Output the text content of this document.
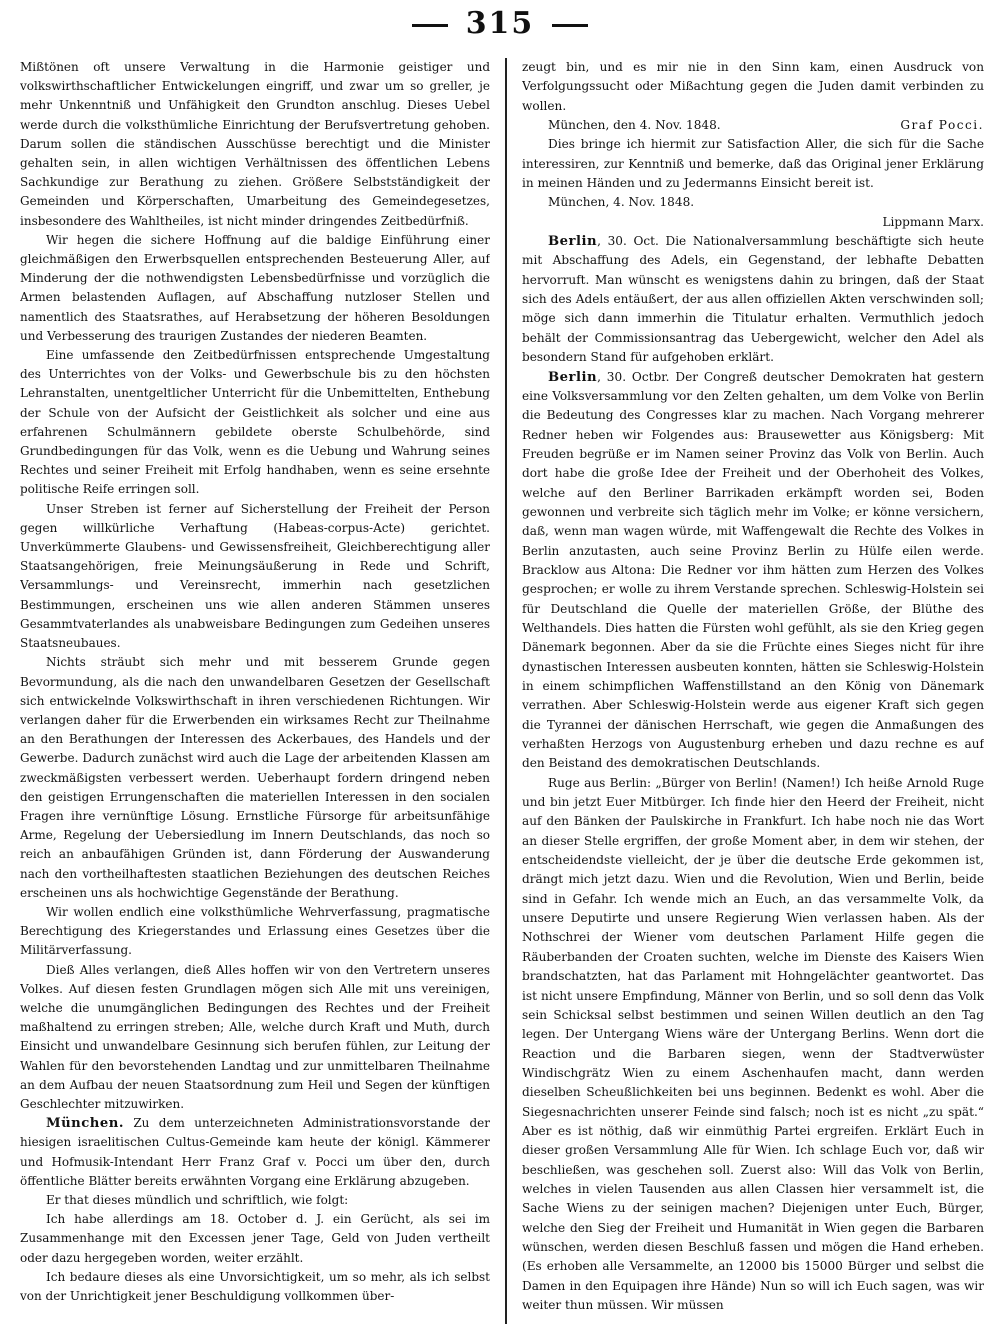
315

Mißtönen oft unsere Verwaltung in die Harmonie geistiger und volkswirthschaftlicher Entwickelungen eingriff, und zwar um so greller, je mehr Unkenntniß und Unfähigkeit den Grundton anschlug. Dieses Uebel werde durch die volksthümliche Einrichtung der Berufsvertretung gehoben. Darum sollen die ständischen Ausschüsse berechtigt und die Minister gehalten sein, in allen wichtigen Verhältnissen des öffentlichen Lebens Sachkundige zur Berathung zu ziehen. Größere Selbstständigkeit der Gemeinden und Körperschaften, Umarbeitung des Gemeindegesetzes, insbesondere des Wahltheiles, ist nicht minder dringendes Zeitbedürfniß.

Wir hegen die sichere Hoffnung auf die baldige Einführung einer gleichmäßigen den Erwerbsquellen entsprechenden Besteuerung Aller, auf Minderung der die nothwendigsten Lebensbedürfnisse und vorzüglich die Armen belastenden Auflagen, auf Abschaffung nutzloser Stellen und namentlich des Staatsrathes, auf Herabsetzung der höheren Besoldungen und Verbesserung des traurigen Zustandes der niederen Beamten.

Eine umfassende den Zeitbedürfnissen entsprechende Umgestaltung des Unterrichtes von der Volks- und Gewerbschule bis zu den höchsten Lehranstalten, unentgeltlicher Unterricht für die Unbemittelten, Enthebung der Schule von der Aufsicht der Geistlichkeit als solcher und eine aus erfahrenen Schulmännern gebildete oberste Schulbehörde, sind Grundbedingungen für das Volk, wenn es die Uebung und Wahrung seines Rechtes und seiner Freiheit mit Erfolg handhaben, wenn es seine ersehnte politische Reife erringen soll.

Unser Streben ist ferner auf Sicherstellung der Freiheit der Person gegen willkürliche Verhaftung (Habeas-corpus-Acte) gerichtet. Unverkümmerte Glaubens- und Gewissensfreiheit, Gleichberechtigung aller Staatsangehörigen, freie Meinungsäußerung in Rede und Schrift, Versammlungs- und Vereinsrecht, immerhin nach gesetzlichen Bestimmungen, erscheinen uns wie allen anderen Stämmen unseres Gesammtvaterlandes als unabweisbare Bedingungen zum Gedeihen unseres Staatsneubaues.

Nichts sträubt sich mehr und mit besserem Grunde gegen Bevormundung, als die nach den unwandelbaren Gesetzen der Gesellschaft sich entwickelnde Volkswirthschaft in ihren verschiedenen Richtungen. Wir verlangen daher für die Erwerbenden ein wirksames Recht zur Theilnahme an den Berathungen der Interessen des Ackerbaues, des Handels und der Gewerbe. Dadurch zunächst wird auch die Lage der arbeitenden Klassen am zweckmäßigsten verbessert werden. Ueberhaupt fordern dringend neben den geistigen Errungenschaften die materiellen Interessen in den socialen Fragen ihre vernünftige Lösung. Ernstliche Fürsorge für arbeitsunfähige Arme, Regelung der Uebersiedlung im Innern Deutschlands, das noch so reich an anbaufähigen Gründen ist, dann Förderung der Auswanderung nach den vortheilhaftesten staatlichen Beziehungen des deutschen Reiches erscheinen uns als hochwichtige Gegenstände der Berathung.

Wir wollen endlich eine volksthümliche Wehrverfassung, pragmatische Berechtigung des Kriegerstandes und Erlassung eines Gesetzes über die Militärverfassung.

Dieß Alles verlangen, dieß Alles hoffen wir von den Vertretern unseres Volkes. Auf diesen festen Grundlagen mögen sich Alle mit uns vereinigen, welche die unumgänglichen Bedingungen des Rechtes und der Freiheit maßhaltend zu erringen streben; Alle, welche durch Kraft und Muth, durch Einsicht und unwandelbare Gesinnung sich berufen fühlen, zur Leitung der Wahlen für den bevorstehenden Landtag und zur unmittelbaren Theilnahme an dem Aufbau der neuen Staatsordnung zum Heil und Segen der künftigen Geschlechter mitzuwirken.

München. Zu dem unterzeichneten Administrationsvorstande der hiesigen israelitischen Cultus-Gemeinde kam heute der königl. Kämmerer und Hofmusik-Intendant Herr Franz Graf v. Pocci um über den, durch öffentliche Blätter bereits erwähnten Vorgang eine Erklärung abzugeben.

Er that dieses mündlich und schriftlich, wie folgt:

Ich habe allerdings am 18. October d. J. ein Gerücht, als sei im Zusammenhange mit den Excessen jener Tage, Geld von Juden vertheilt oder dazu hergegeben worden, weiter erzählt.

Ich bedaure dieses als eine Unvorsichtigkeit, um so mehr, als ich selbst von der Unrichtigkeit jener Beschuldigung vollkommen über-

zeugt bin, und es mir nie in den Sinn kam, einen Ausdruck von Verfolgungssucht oder Mißachtung gegen die Juden damit verbinden zu wollen.

München, den 4. Nov. 1848.	Graf Pocci.

Dies bringe ich hiermit zur Satisfaction Aller, die sich für die Sache interessiren, zur Kenntniß und bemerke, daß das Original jener Erklärung in meinen Händen und zu Jedermanns Einsicht bereit ist.

München, 4. Nov. 1848.

Lippmann Marx.

Berlin, 30. Oct. Die Nationalversammlung beschäftigte sich heute mit Abschaffung des Adels, ein Gegenstand, der lebhafte Debatten hervorruft. Man wünscht es wenigstens dahin zu bringen, daß der Staat sich des Adels entäußert, der aus allen offiziellen Akten verschwinden soll; möge sich dann immerhin die Titulatur erhalten. Vermuthlich jedoch behält der Commissionsantrag das Uebergewicht, welcher den Adel als besondern Stand für aufgehoben erklärt.

Berlin, 30. Octbr. Der Congreß deutscher Demokraten hat gestern eine Volksversammlung vor den Zelten gehalten, um dem Volke von Berlin die Bedeutung des Congresses klar zu machen. Nach Vorgang mehrerer Redner heben wir Folgendes aus: Brausewetter aus Königsberg: Mit Freuden begrüße er im Namen seiner Provinz das Volk von Berlin. Auch dort habe die große Idee der Freiheit und der Oberhoheit des Volkes, welche auf den Berliner Barrikaden erkämpft worden sei, Boden gewonnen und verbreite sich täglich mehr im Volke; er könne versichern, daß, wenn man wagen würde, mit Waffengewalt die Rechte des Volkes in Berlin anzutasten, auch seine Provinz Berlin zu Hülfe eilen werde. Bracklow aus Altona: Die Redner vor ihm hätten zum Herzen des Volkes gesprochen; er wolle zu ihrem Verstande sprechen. Schleswig-Holstein sei für Deutschland die Quelle der materiellen Größe, der Blüthe des Welthandels. Dies hatten die Fürsten wohl gefühlt, als sie den Krieg gegen Dänemark begonnen. Aber da sie die Früchte eines Sieges nicht für ihre dynastischen Interessen ausbeuten konnten, hätten sie Schleswig-Holstein in einem schimpflichen Waffenstillstand an den König von Dänemark verrathen. Aber Schleswig-Holstein werde aus eigener Kraft sich gegen die Tyrannei der dänischen Herrschaft, wie gegen die Anmaßungen des verhaßten Herzogs von Augustenburg erheben und dazu rechne es auf den Beistand des demokratischen Deutschlands.

Ruge aus Berlin: „Bürger von Berlin! (Namen!) Ich heiße Arnold Ruge und bin jetzt Euer Mitbürger. Ich finde hier den Heerd der Freiheit, nicht auf den Bänken der Paulskirche in Frankfurt. Ich habe noch nie das Wort an dieser Stelle ergriffen, der große Moment aber, in dem wir stehen, der entscheidendste vielleicht, der je über die deutsche Erde gekommen ist, drängt mich jetzt dazu. Wien und die Revolution, Wien und Berlin, beide sind in Gefahr. Ich wende mich an Euch, an das versammelte Volk, da unsere Deputirte und unsere Regierung Wien verlassen haben. Als der Nothschrei der Wiener vom deutschen Parlament Hilfe gegen die Räuberbanden der Croaten suchten, welche im Dienste des Kaisers Wien brandschatzten, hat das Parlament mit Hohngelächter geantwortet. Das ist nicht unsere Empfindung, Männer von Berlin, und so soll denn das Volk sein Schicksal selbst bestimmen und seinen Willen deutlich an den Tag legen. Der Untergang Wiens wäre der Untergang Berlins. Wenn dort die Reaction und die Barbaren siegen, wenn der Stadtverwüster Windischgrätz Wien zu einem Aschenhaufen macht, dann werden dieselben Scheußlichkeiten bei uns beginnen. Bedenkt es wohl. Aber die Siegesnachrichten unserer Feinde sind falsch; noch ist es nicht „zu spät.“ Aber es ist nöthig, daß wir einmüthig Partei ergreifen. Erklärt Euch in dieser großen Versammlung Alle für Wien. Ich schlage Euch vor, daß wir beschließen, was geschehen soll. Zuerst also: Will das Volk von Berlin, welches in vielen Tausenden aus allen Classen hier versammelt ist, die Sache Wiens zu der seinigen machen? Diejenigen unter Euch, Bürger, welche den Sieg der Freiheit und Humanität in Wien gegen die Barbaren wünschen, werden diesen Beschluß fassen und mögen die Hand erheben. (Es erhoben alle Versammelte, an 12000 bis 15000 Bürger und selbst die Damen in den Equipagen ihre Hände) Nun so will ich Euch sagen, was wir weiter thun müssen. Wir müssen
